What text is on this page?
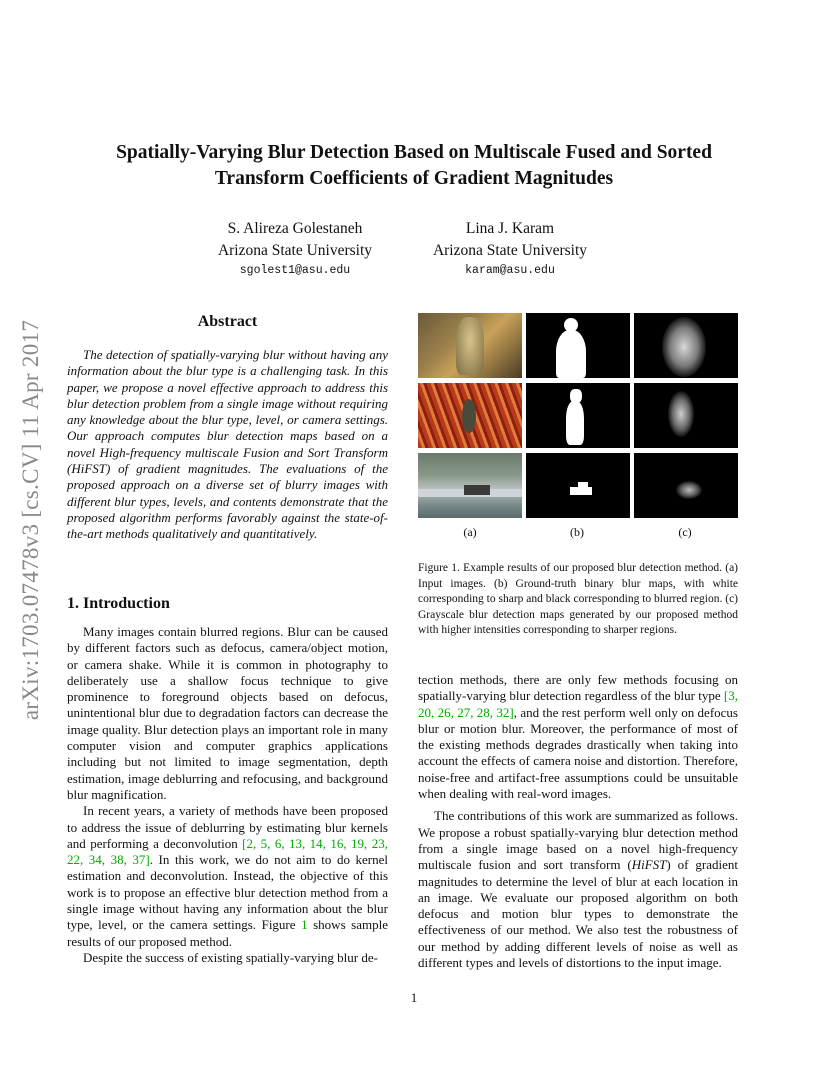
arXiv:1703.07478v3 [cs.CV] 11 Apr 2017
Spatially-Varying Blur Detection Based on Multiscale Fused and Sorted
Transform Coefficients of Gradient Magnitudes
S. Alireza Golestaneh
Arizona State University
sgolest1@asu.edu
Lina J. Karam
Arizona State University
karam@asu.edu
Abstract

The detection of spatially-varying blur without having any information about the blur type is a challenging task. In this paper, we propose a novel effective approach to address this blur detection problem from a single image without requiring any knowledge about the blur type, level, or camera settings. Our approach computes blur detection maps based on a novel High-frequency multiscale Fusion and Sort Transform (HiFST) of gradient magnitudes. The evaluations of the proposed approach on a diverse set of blurry images with different blur types, levels, and contents demonstrate that the proposed algorithm performs favorably against the state-of-the-art methods qualitatively and quantitatively.

1. Introduction

Many images contain blurred regions. Blur can be caused by different factors such as defocus, camera/object motion, or camera shake. While it is common in photography to deliberately use a shallow focus technique to give prominence to foreground objects based on defocus, unintentional blur due to degradation factors can decrease the image quality. Blur detection plays an important role in many computer vision and computer graphics applications including but not limited to image segmentation, depth estimation, image deblurring and refocusing, and background blur magnification.

In recent years, a variety of methods have been proposed to address the issue of deblurring by estimating blur kernels and performing a deconvolution [2, 5, 6, 13, 14, 16, 19, 23, 22, 34, 38, 37]. In this work, we do not aim to do kernel estimation and deconvolution. Instead, the objective of this work is to propose an effective blur detection method from a single image without having any information about the blur type, level, or the camera settings. Figure 1 shows sample results of our proposed method.

Despite the success of existing spatially-varying blur de-

(a)	(b)	(c)
Figure 1. Example results of our proposed blur detection method. (a) Input images. (b) Ground-truth binary blur maps, with white corresponding to sharp and black corresponding to blurred region. (c) Grayscale blur detection maps generated by our proposed method with higher intensities corresponding to sharper regions.

tection methods, there are only few methods focusing on spatially-varying blur detection regardless of the blur type [3, 20, 26, 27, 28, 32], and the rest perform well only on defocus blur or motion blur. Moreover, the performance of most of the existing methods degrades drastically when taking into account the effects of camera noise and distortion. Therefore, noise-free and artifact-free assumptions could be unsuitable when dealing with real-word images.

The contributions of this work are summarized as follows. We propose a robust spatially-varying blur detection method from a single image based on a novel high-frequency multiscale fusion and sort transform (HiFST) of gradient magnitudes to determine the level of blur at each location in an image. We evaluate our proposed algorithm on both defocus and motion blur types to demonstrate the effectiveness of our method. We also test the robustness of our method by adding different levels of noise as well as different types and levels of distortions to the input image.

1
